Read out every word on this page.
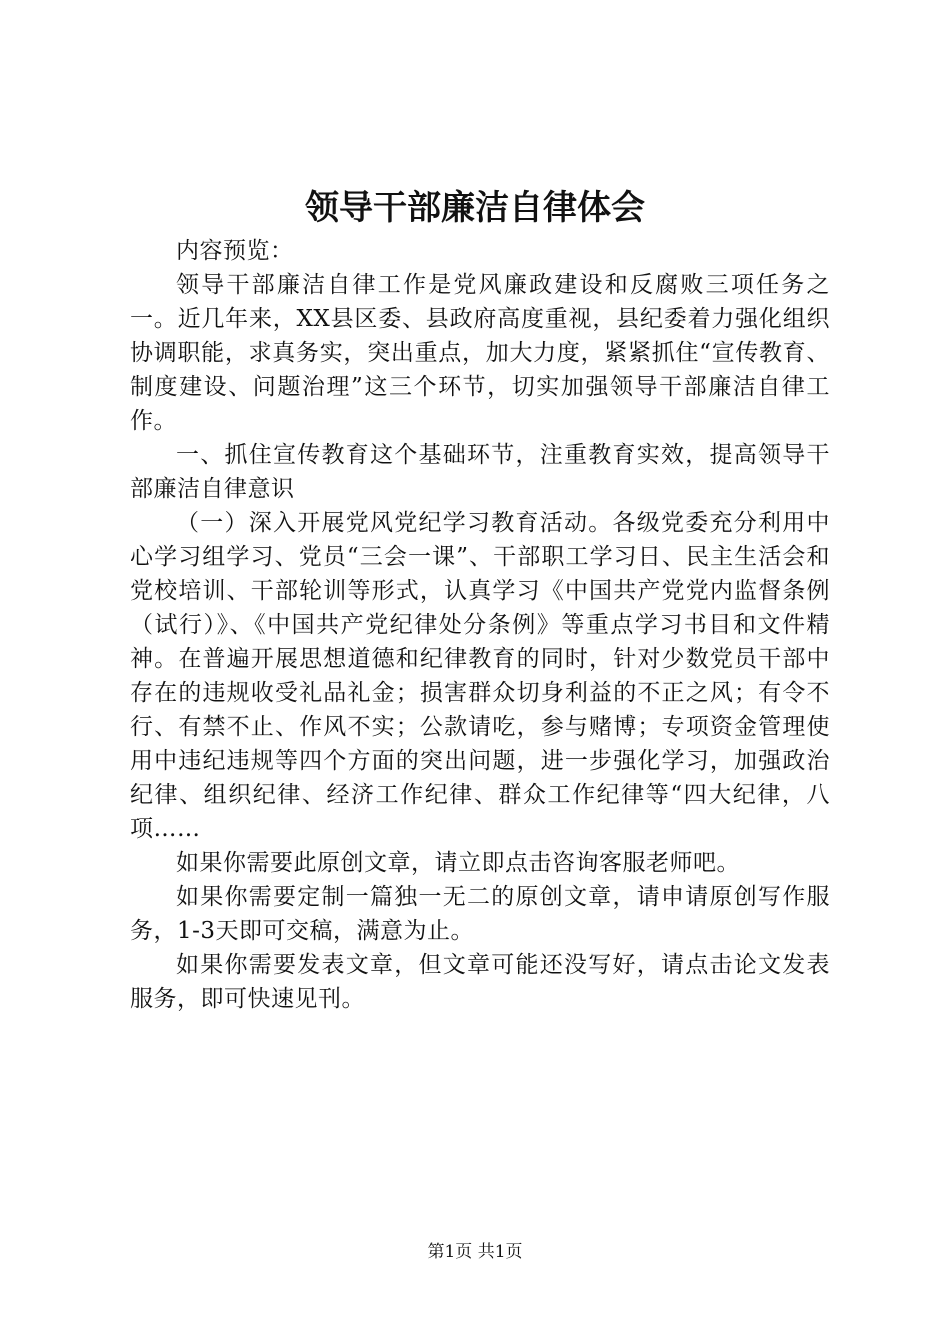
领导干部廉洁自律体会

内容预览：

领导干部廉洁自律工作是党风廉政建设和反腐败三项任务之一。近几年来，XX县区委、县政府高度重视，县纪委着力强化组织协调职能，求真务实，突出重点，加大力度，紧紧抓住“宣传教育、制度建设、问题治理”这三个环节，切实加强领导干部廉洁自律工作。

一、抓住宣传教育这个基础环节，注重教育实效，提高领导干部廉洁自律意识

（一）深入开展党风党纪学习教育活动。各级党委充分利用中心学习组学习、党员“三会一课”、干部职工学习日、民主生活会和党校培训、干部轮训等形式，认真学习《中国共产党党内监督条例（试行）》、《中国共产党纪律处分条例》等重点学习书目和文件精神。在普遍开展思想道德和纪律教育的同时，针对少数党员干部中存在的违规收受礼品礼金；损害群众切身利益的不正之风；有令不行、有禁不止、作风不实；公款请吃，参与赌博；专项资金管理使用中违纪违规等四个方面的突出问题，进一步强化学习，加强政治纪律、组织纪律、经济工作纪律、群众工作纪律等“四大纪律，八项……

如果你需要此原创文章，请立即点击咨询客服老师吧。

如果你需要定制一篇独一无二的原创文章，请申请原创写作服务，1-3天即可交稿，满意为止。

如果你需要发表文章，但文章可能还没写好，请点击论文发表服务，即可快速见刊。

第1页 共1页
